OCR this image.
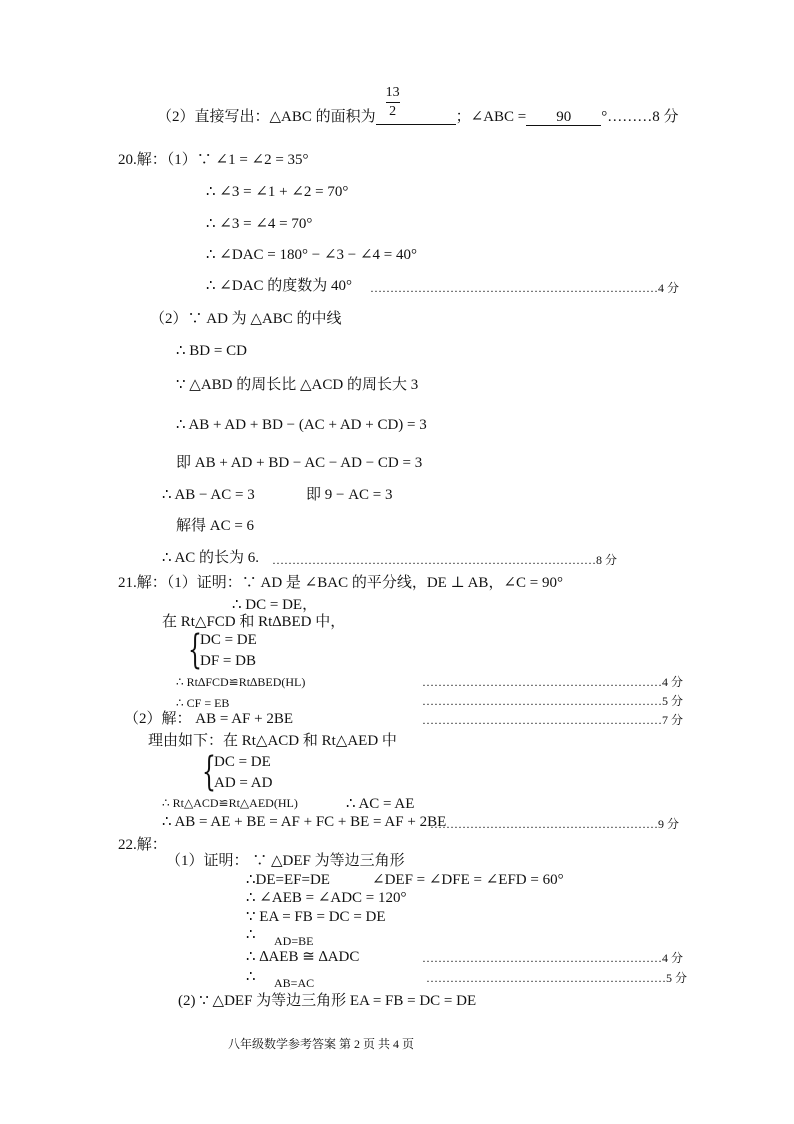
（2）直接写出：△ABC 的面积为
13
2	；∠ABC = 90 °………8 分
20.解：（1）∵ ∠1 = ∠2 = 35°
∴ ∠3 = ∠1 + ∠2 = 70°
∴ ∠3 = ∠4 = 70°
∴ ∠DAC = 180° − ∠3 − ∠4 = 40°
∴ ∠DAC 的度数为 40° ………………………………………………………………4 分
（2）∵ AD 为 △ABC 的中线
∴ BD = CD
∵ △ABD 的周长比 △ACD 的周长大 3
∴ AB + AD + BD − (AC + AD + CD) = 3
即 AB + AD + BD − AC − AD − CD = 3
∴ AB − AC = 3	即 9 − AC = 3
解得 AC = 6
∴ AC 的长为 6. ………………………………………………………………………8 分
21.解：（1）证明：∵ AD 是 ∠BAC 的平分线，DE ⊥ AB，∠C = 90°
∴ DC = DE，
在 Rt△FCD 和 Rt∆BED 中，
{
DC = DE
DF = DB
∴ Rt∆FCD≌Rt∆BED(HL)	……………………………………………………4 分
∴ CF = EB	……………………………………………………5 分
（2）解： AB = AF + 2BE	……………………………………………………7 分
理由如下：在 Rt△ACD 和 Rt△AED 中
{
DC = DE
AD = AD
∴ Rt△ACD≌Rt△AED(HL)	∴ AC = AE
∴ AB = AE + BE = AF + FC + BE = AF + 2BE
…………………………………………………9 分
22.解：
（1）证明： ∵ △DEF 为等边三角形
∴DE=EF=DE	∠DEF = ∠DFE = ∠EFD = 60°
∴ ∠AEB = ∠ADC = 120°
∵ EA = FB = DC = DE
∴ AD=BE
∴ ∆AEB ≅ ∆ADC	……………………………………………………4 分
∴ AB=AC	……………………………………………………5 分
(2) ∵ △DEF 为等边三角形 EA = FB = DC = DE
八年级数学参考答案 第 2 页 共 4 页
